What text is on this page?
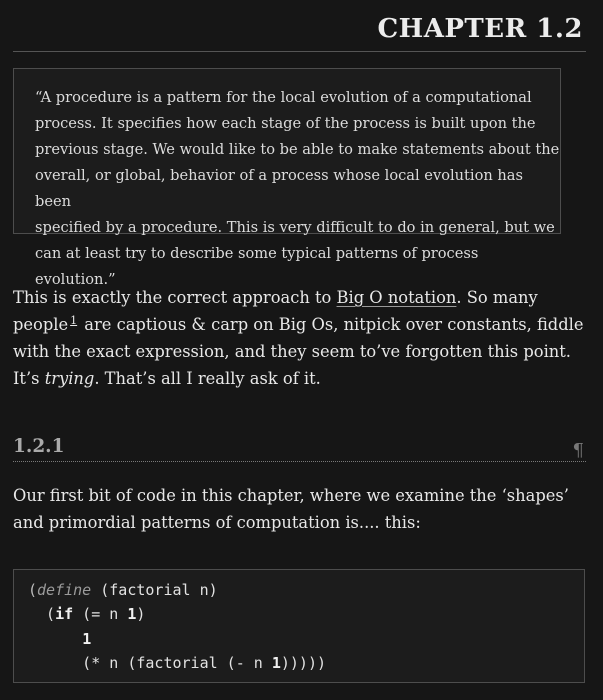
CHAPTER 1.2
“A procedure is a pattern for the local evolution of a computational
process. It specifies how each stage of the process is built upon the
previous stage. We would like to be able to make statements about the
overall, or global, behavior of a process whose local evolution has been
specified by a procedure. This is very difficult to do in general, but we
can at least try to describe some typical patterns of process evolution.”

This is exactly the correct approach to Big O notation. So many people $^1$ are captious & carp on Big Os, nitpick over constants, fiddle with the exact expression, and they seem to’ve forgotten this point. It’s trying. That’s all I really ask of it.

1.2.1	¶

Our first bit of code in this chapter, where we examine the ‘shapes’ and primordial patterns of computation is.... this:

(define (factorial n)
(if (= n 1)
1
(* n (factorial (- n 1)))))
